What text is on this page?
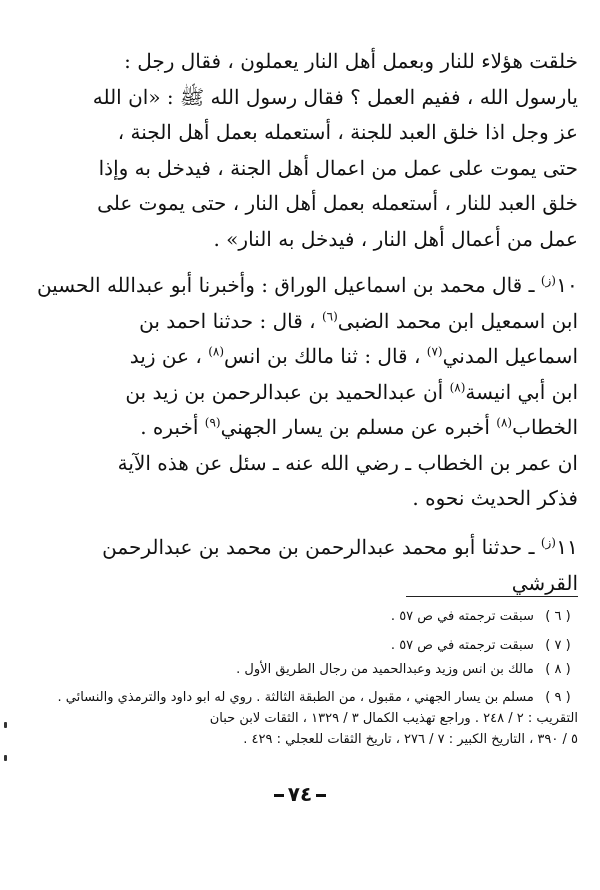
خلقت هؤلاء للنار وبعمل أهل النار يعملون ، فقال رجل :
يارسول الله ، ففيم العمل ؟ فقال رسول الله ﷺ : «ان الله
عز وجل اذا خلق العبد للجنة ، أستعمله بعمل أهل الجنة ،
حتى يموت على عمل من اعمال أهل الجنة ، فيدخل به وإذا
خلق العبد للنار ، أستعمله بعمل أهل النار ، حتى يموت على
عمل من أعمال أهل النار ، فيدخل به النار» .
$١٠^{(ز)}$ ـ قال محمد بن اسماعيل الوراق : وأخبرنا أبو عبدالله الحسين
ابن اسمعيل ابن محمد الضبى$^{(٦)}$ ، قال : حدثنا احمد بن
اسماعيل المدني$^{(٧)}$ ، قال : ثنا مالك بن انس$^{(٨)}$ ، عن زيد
ابن أبي انيسة$^{(٨)}$ أن عبدالحميد بن عبدالرحمن بن زيد بن
الخطاب$^{(٨)}$ أخبره عن مسلم بن يسار الجهني$^{(٩)}$ أخبره .
ان عمر بن الخطاب ـ رضي الله عنه ـ سئل عن هذه الآية
فذكر الحديث نحوه .
$١١^{(ز)}$ ـ حدثنا أبو محمد عبدالرحمن بن محمد بن عبدالرحمن القرشي
( ٦ ) سبقت ترجمته في ص ٥٧ .
( ٧ ) سبقت ترجمته في ص ٥٧ .
( ٨ ) مالك بن انس وزيد وعبدالحميد من رجال الطريق الأول .
( ٩ ) مسلم بن يسار الجهني ، مقبول ، من الطبقة الثالثة . روي له ابو داود والترمذي والنسائي .
التقريب : ٢ / ٢٤٨ . وراجع تهذيب الكمال ٣ / ١٣٢٩ ، الثقات لابن حبان
٥ / ٣٩٠ ، التاريخ الكبير : ٧ / ٢٧٦ ، تاريخ الثقات للعجلي : ٤٢٩ .
٧٤
